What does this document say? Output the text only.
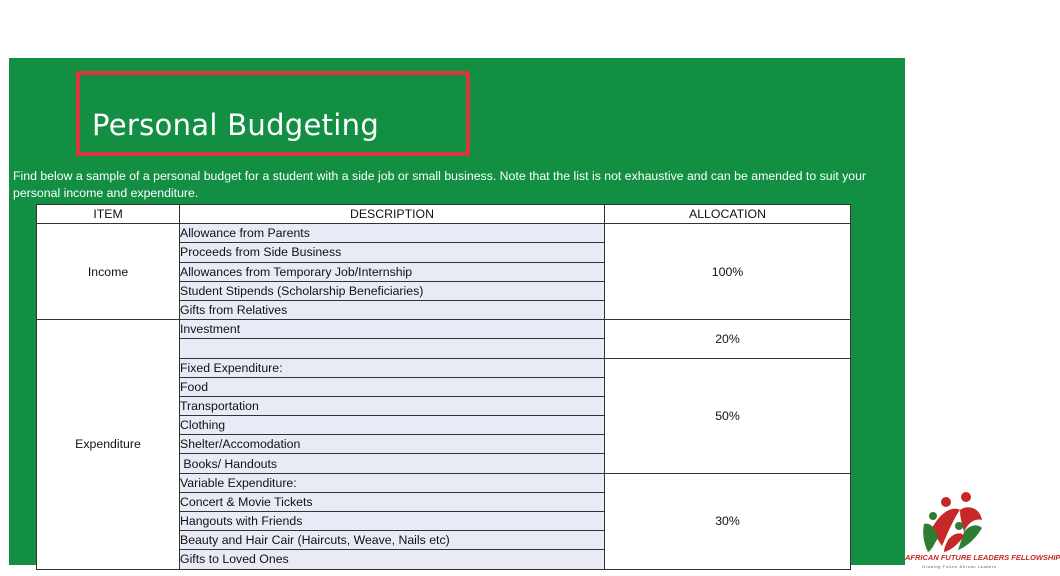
Personal Budgeting

Find below a sample of a personal budget for a student with a side job or small business. Note that the list is not exhaustive and can be amended to suit your personal income and expenditure.

ITEM	DESCRIPTION	ALLOCATION
Income	Allowance from Parents	100%
	Proceeds from Side Business	
	Allowances from Temporary Job/Internship	
	Student Stipends (Scholarship Beneficiaries)	
	Gifts from Relatives	
Expenditure	Investment	20%

	Fixed Expenditure:	50%
	Food	
	Transportation	
	Clothing	
	Shelter/Accomodation	
	Books/ Handouts	
	Variable Expenditure:	30%
	Concert & Movie Tickets	
	Hangouts with Friends	
	Beauty and Hair Cair (Haircuts, Weave, Nails etc)	
	Gifts to Loved Ones		AFRICAN FUTURE LEADERS FELLOWSHIP
Growing Future African Leaders
